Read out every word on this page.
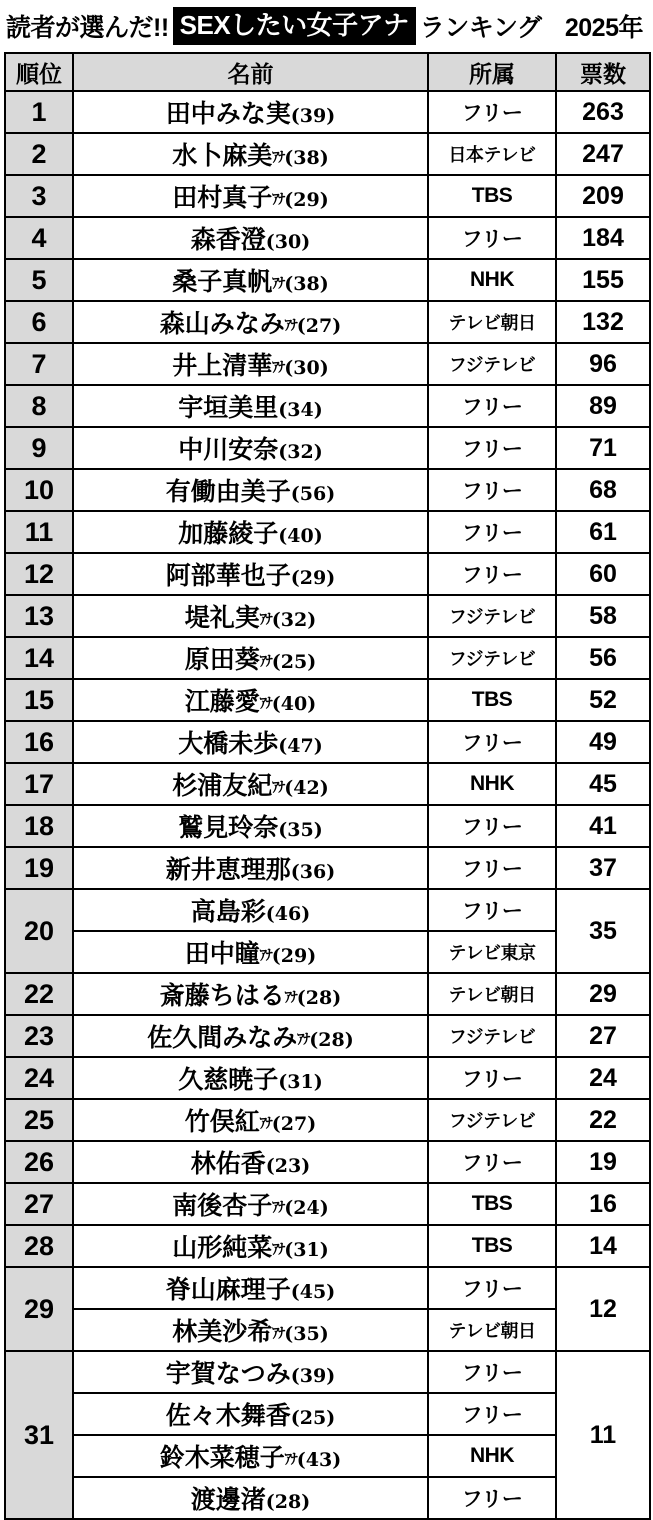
読者が選んだ!! SEXしたい女子アナ ランキング 2025年
順位	名前	所属	票数
1	田中みな実(39)	フリー	263
2	水卜麻美ｱﾅ(38)	日本テレビ	247
3	田村真子ｱﾅ(29)	TBS	209
4	森香澄(30)	フリー	184
5	桑子真帆ｱﾅ(38)	NHK	155
6	森山みなみｱﾅ(27)	テレビ朝日	132
7	井上清華ｱﾅ(30)	フジテレビ	96
8	宇垣美里(34)	フリー	89
9	中川安奈(32)	フリー	71
10	有働由美子(56)	フリー	68
11	加藤綾子(40)	フリー	61
12	阿部華也子(29)	フリー	60
13	堤礼実ｱﾅ(32)	フジテレビ	58
14	原田葵ｱﾅ(25)	フジテレビ	56
15	江藤愛ｱﾅ(40)	TBS	52
16	大橋未歩(47)	フリー	49
17	杉浦友紀ｱﾅ(42)	NHK	45
18	鷲見玲奈(35)	フリー	41
19	新井恵理那(36)	フリー	37
20	高島彩(46)	フリー	35
	田中瞳ｱﾅ(29)	テレビ東京	
22	斎藤ちはるｱﾅ(28)	テレビ朝日	29
23	佐久間みなみｱﾅ(28)	フジテレビ	27
24	久慈暁子(31)	フリー	24
25	竹俣紅ｱﾅ(27)	フジテレビ	22
26	林佑香(23)	フリー	19
27	南後杏子ｱﾅ(24)	TBS	16
28	山形純菜ｱﾅ(31)	TBS	14
29	脊山麻理子(45)	フリー	12
	林美沙希ｱﾅ(35)	テレビ朝日	
31	宇賀なつみ(39)	フリー	11
	佐々木舞香(25)	フリー	
	鈴木菜穂子ｱﾅ(43)	NHK	
	渡邊渚(28)	フリー	
